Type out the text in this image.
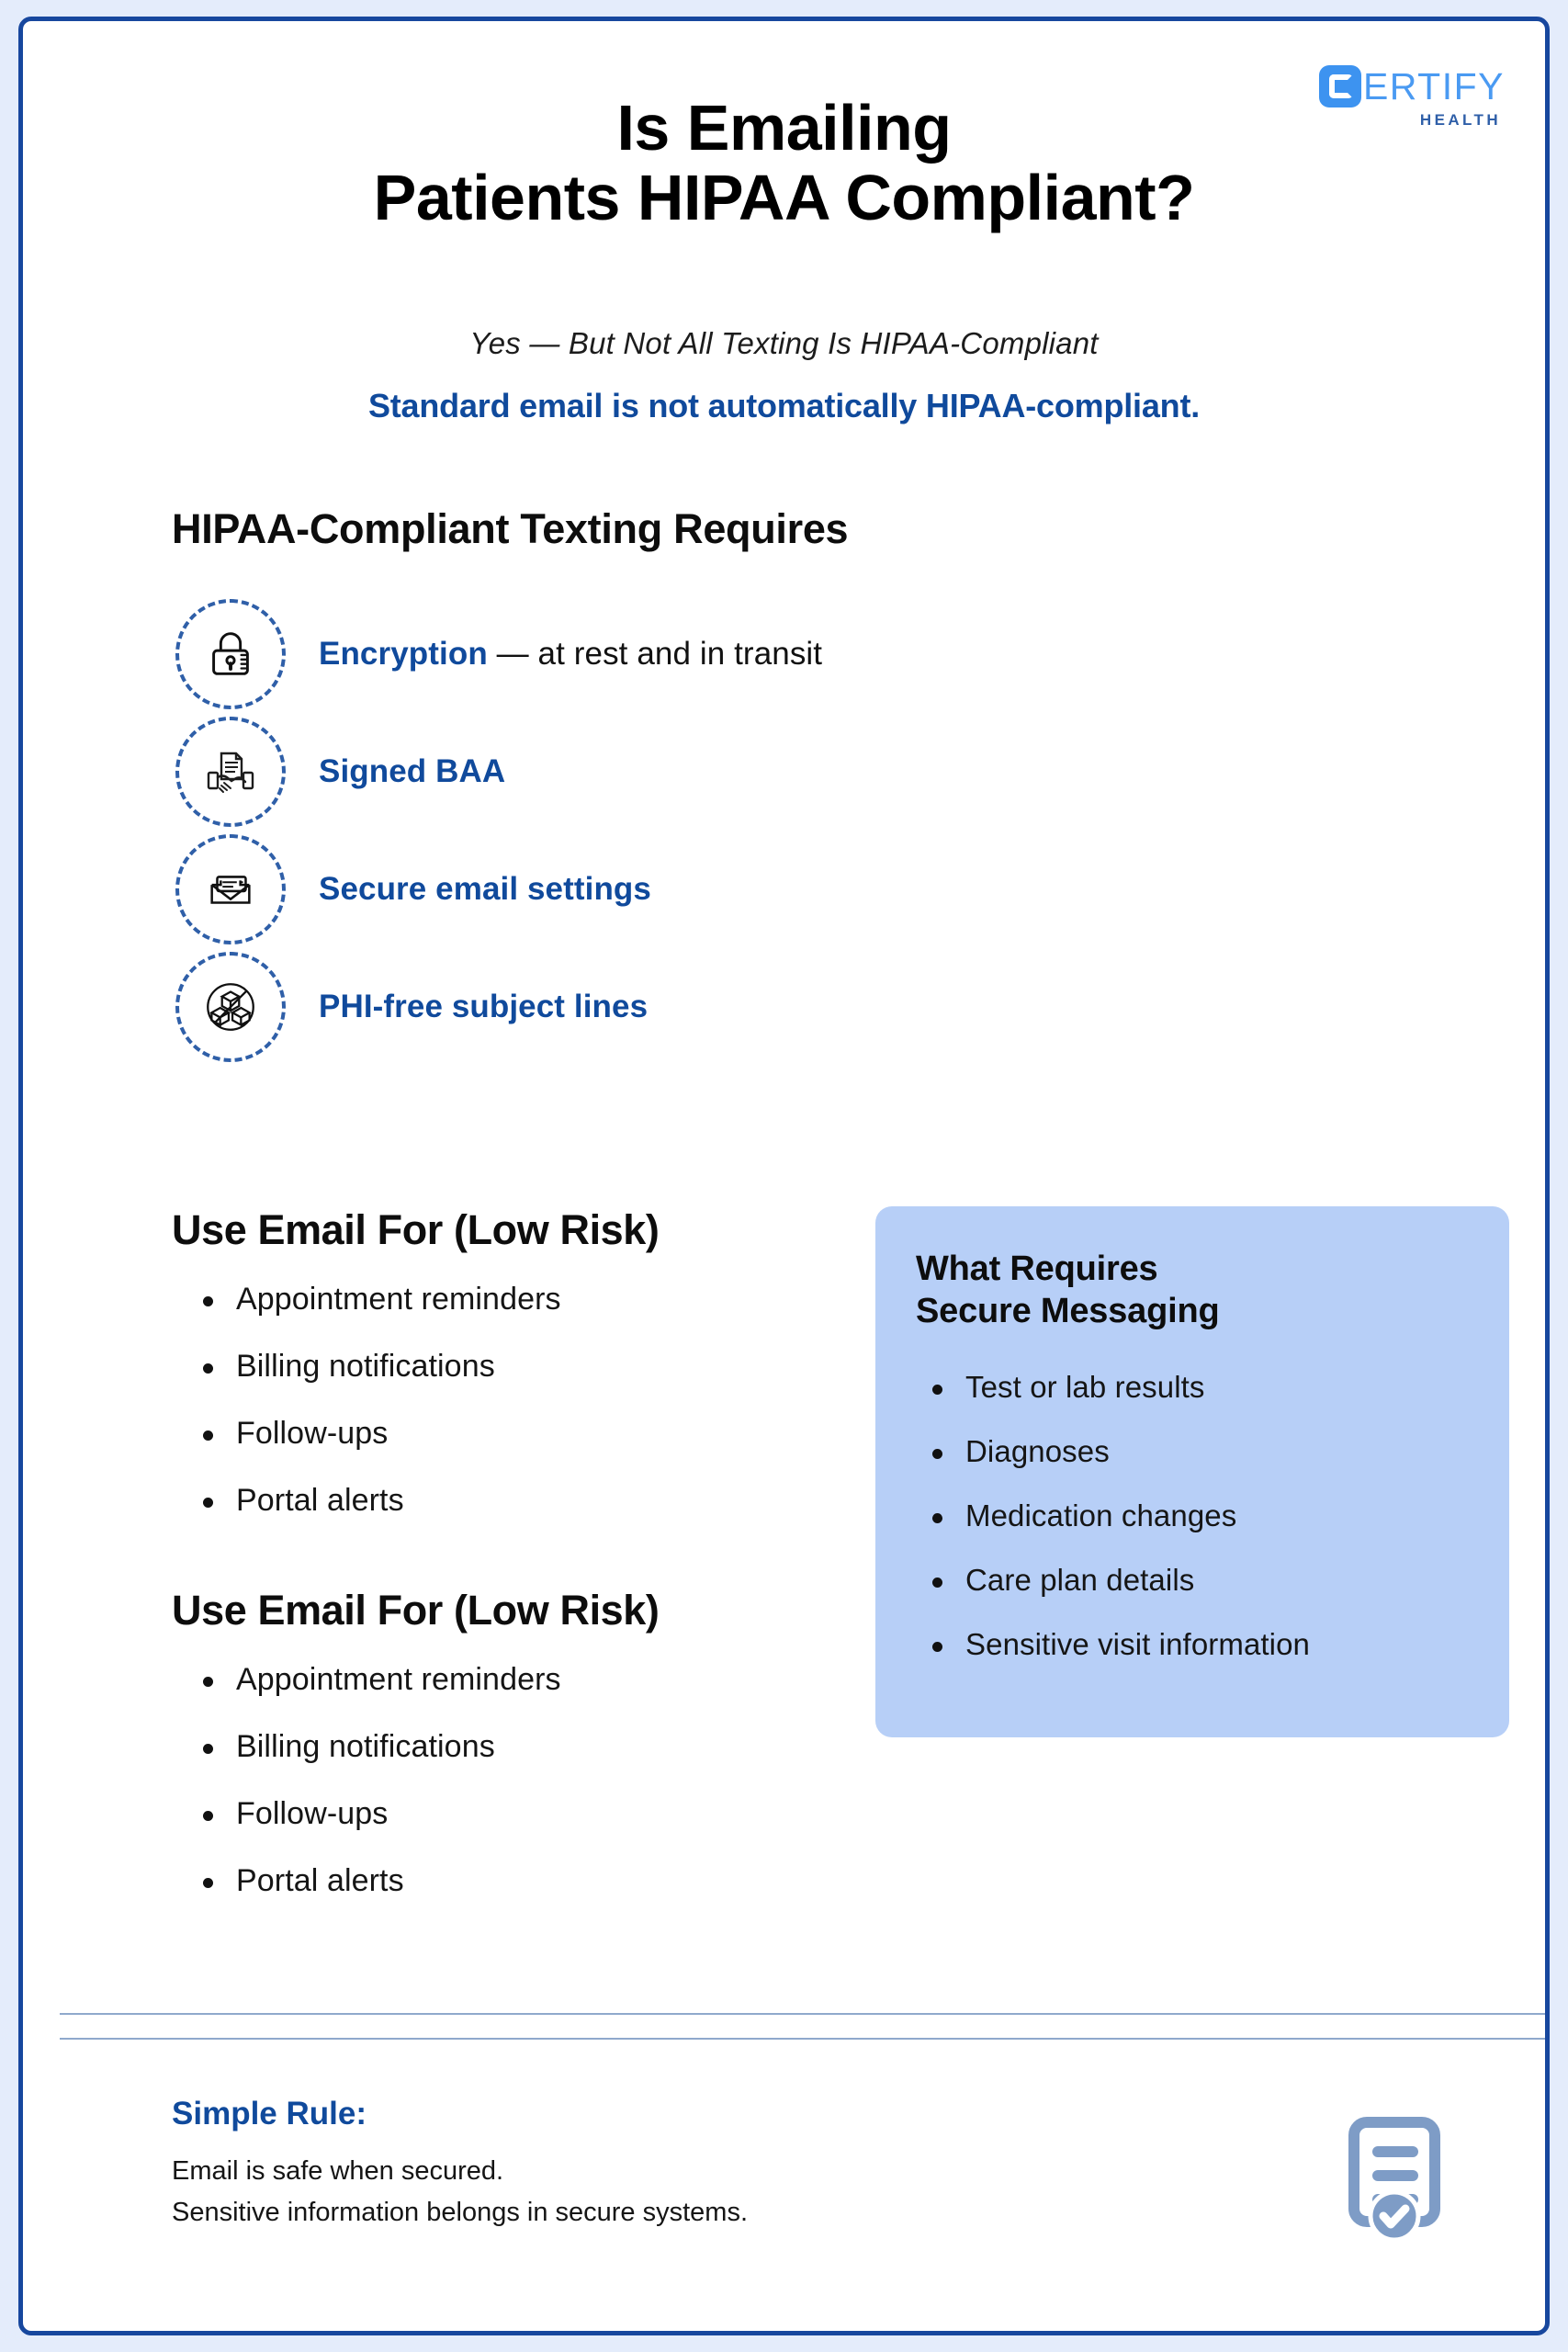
ERTIFY
HEALTH
Is Emailing
Patients HIPAA Compliant?
Yes — But Not All Texting Is HIPAA-Compliant
Standard email is not automatically HIPAA-compliant.
HIPAA-Compliant Texting Requires
Encryption — at rest and in transit
Signed BAA
Secure email settings
PHI-free subject lines
Use Email For (Low Risk)
Appointment reminders
Billing notifications
Follow-ups
Portal alerts
Use Email For (Low Risk)
Appointment reminders
Billing notifications
Follow-ups
Portal alerts
What Requires
Secure Messaging
Test or lab results
Diagnoses
Medication changes
Care plan details
Sensitive visit information
Simple Rule:
Email is safe when secured.
Sensitive information belongs in secure systems.
